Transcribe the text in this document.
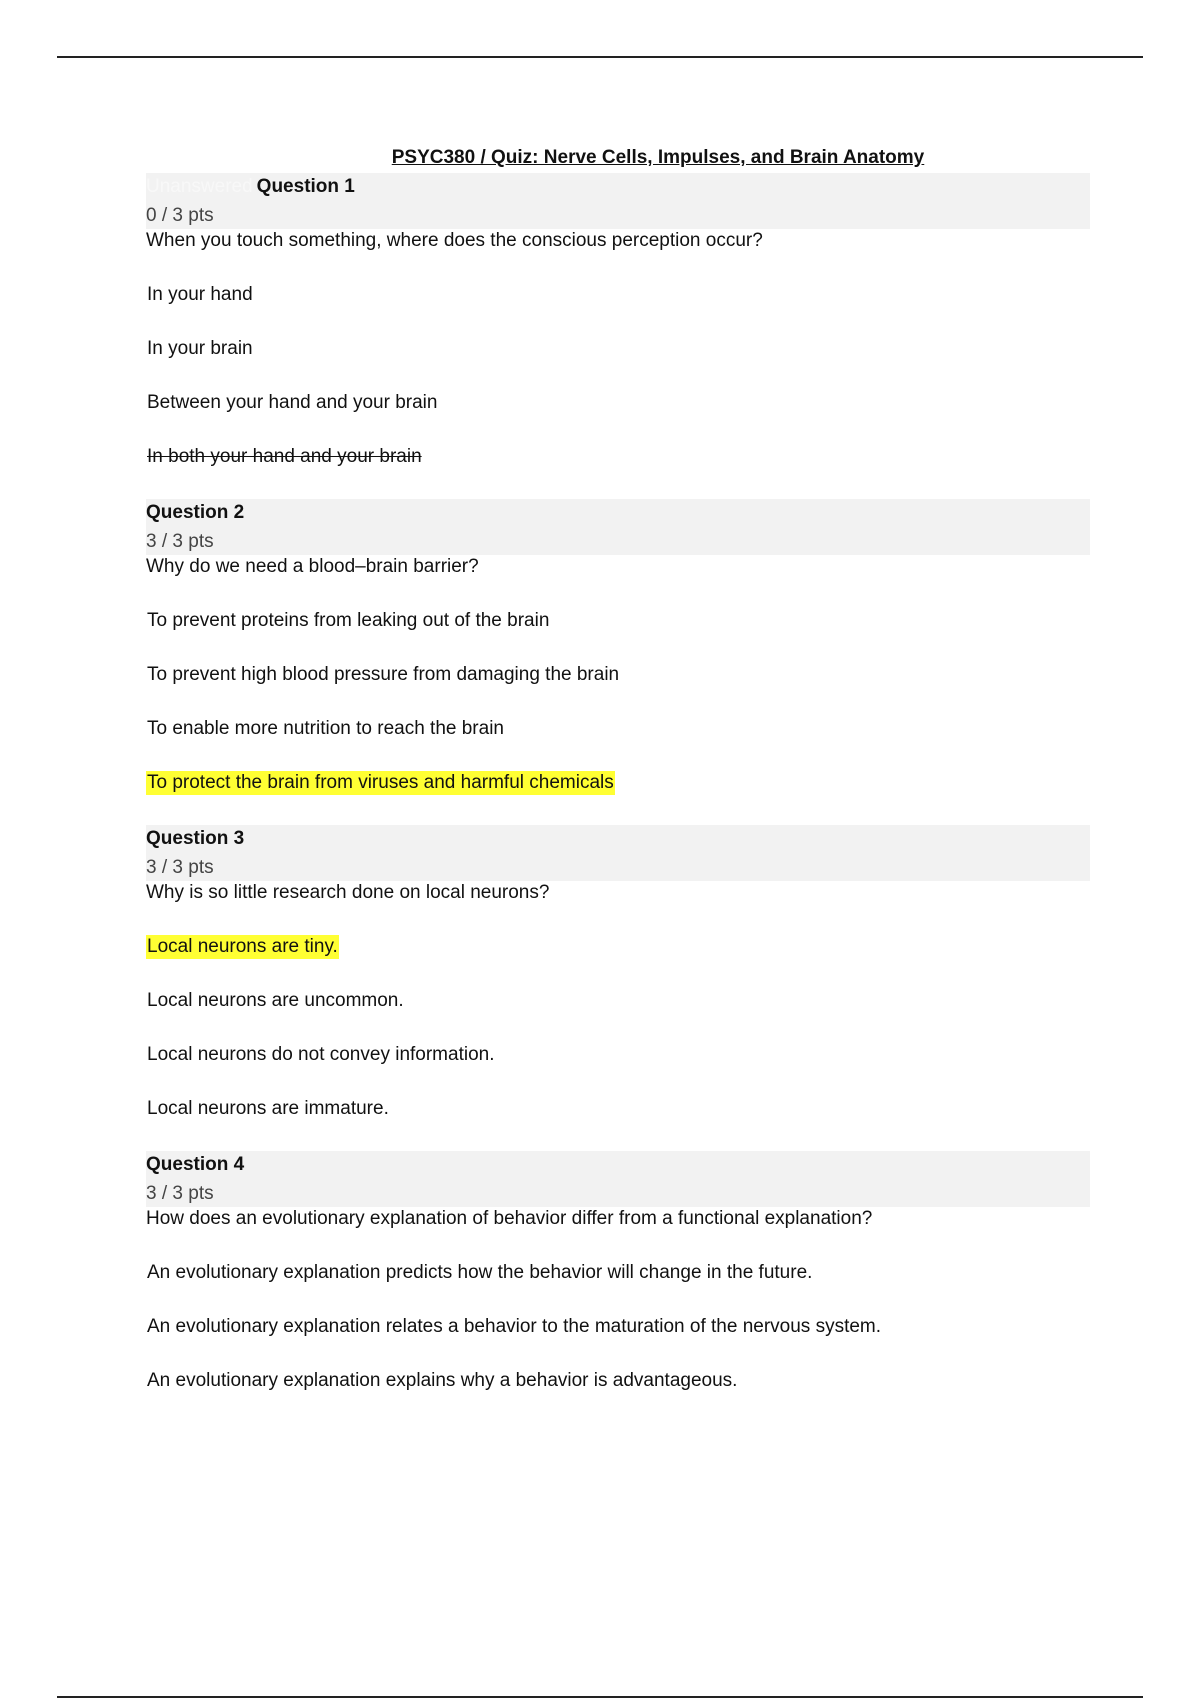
PSYC380 / Quiz: Nerve Cells, Impulses, and Brain Anatomy
Unanswered Question 1
0 / 3 pts
When you touch something, where does the conscious perception occur?
In your hand
In your brain
Between your hand and your brain
In both your hand and your brain
Question 2
3 / 3 pts
Why do we need a blood–brain barrier?
To prevent proteins from leaking out of the brain
To prevent high blood pressure from damaging the brain
To enable more nutrition to reach the brain
To protect the brain from viruses and harmful chemicals
Question 3
3 / 3 pts
Why is so little research done on local neurons?
Local neurons are tiny.
Local neurons are uncommon.
Local neurons do not convey information.
Local neurons are immature.
Question 4
3 / 3 pts
How does an evolutionary explanation of behavior differ from a functional explanation?
An evolutionary explanation predicts how the behavior will change in the future.
An evolutionary explanation relates a behavior to the maturation of the nervous system.
An evolutionary explanation explains why a behavior is advantageous.
